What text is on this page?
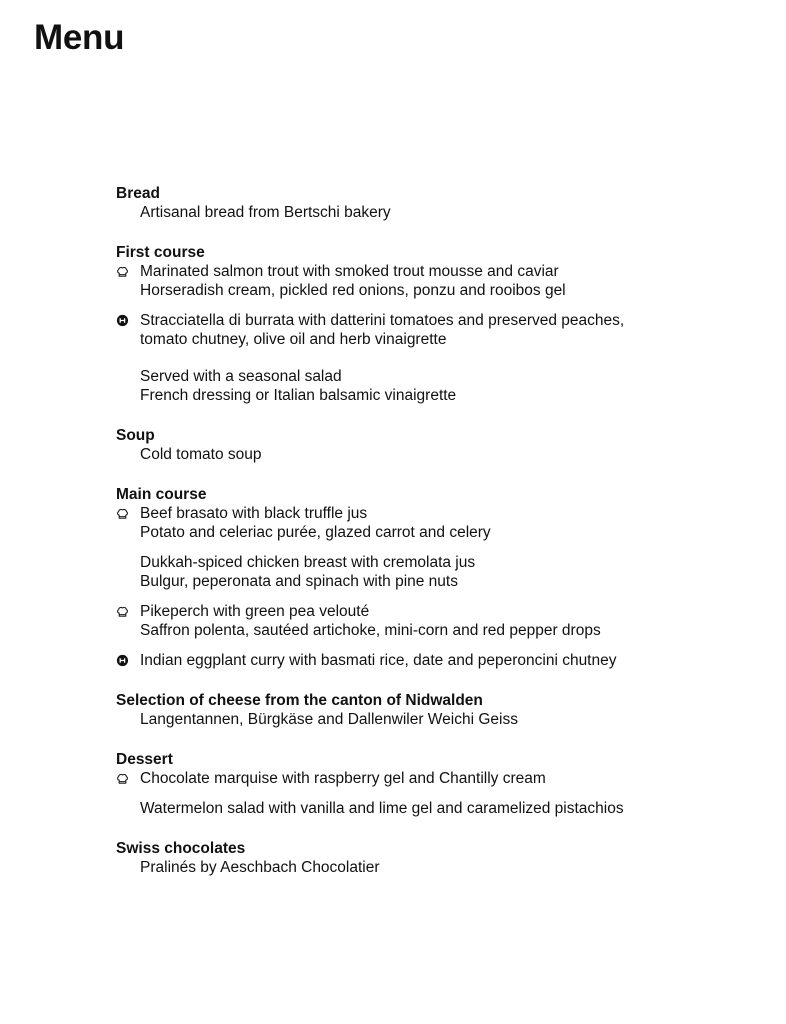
Menu
Bread
Artisanal bread from Bertschi bakery
First course
Marinated salmon trout with smoked trout mousse and caviar
Horseradish cream, pickled red onions, ponzu and rooibos gel
Stracciatella di burrata with datterini tomatoes and preserved peaches,
tomato chutney, olive oil and herb vinaigrette
Served with a seasonal salad
French dressing or Italian balsamic vinaigrette
Soup
Cold tomato soup
Main course
Beef brasato with black truffle jus
Potato and celeriac purée, glazed carrot and celery
Dukkah-spiced chicken breast with cremolata jus
Bulgur, peperonata and spinach with pine nuts
Pikeperch with green pea velouté
Saffron polenta, sautéed artichoke, mini-corn and red pepper drops
Indian eggplant curry with basmati rice, date and peperoncini chutney
Selection of cheese from the canton of Nidwalden
Langentannen, Bürgkäse and Dallenwiler Weichi Geiss
Dessert
Chocolate marquise with raspberry gel and Chantilly cream
Watermelon salad with vanilla and lime gel and caramelized pistachios
Swiss chocolates
Pralinés by Aeschbach Chocolatier
